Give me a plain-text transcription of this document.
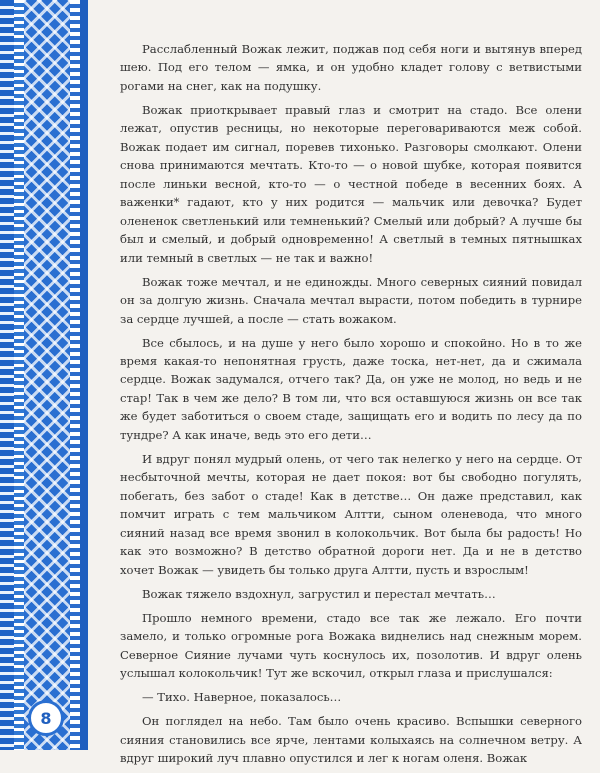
8

Расслабленный Вожак лежит, поджав под себя ноги и вытянув вперед шею. Под его телом — ямка, и он удобно кладет голову с ветвистыми рогами на снег, как на подушку.

Вожак приоткрывает правый глаз и смотрит на стадо. Все олени лежат, опустив ресницы, но некоторые переговариваются меж собой. Вожак подает им сигнал, поревев тихонько. Разговоры смолкают. Олени снова принимаются мечтать. Кто-то — о новой шубке, которая появится после линьки весной, кто-то — о честной победе в весенних боях. А важенки* гадают, кто у них родится — мальчик или девочка? Будет олененок светленький или темненький? Смелый или добрый? А лучше бы был и смелый, и добрый одновременно! А светлый в темных пятнышках или темный в светлых — не так и важно!

Вожак тоже мечтал, и не единожды. Много северных сияний повидал он за долгую жизнь. Сначала мечтал вырасти, потом победить в турнире за сердце лучшей, а после — стать вожаком.

Все сбылось, и на душе у него было хорошо и спокойно. Но в то же время какая-то непонятная грусть, даже тоска, нет-нет, да и сжимала сердце. Вожак задумался, отчего так? Да, он уже не молод, но ведь и не стар! Так в чем же дело? В том ли, что вся оставшуюся жизнь он все так же будет заботиться о своем стаде, защищать его и водить по лесу да по тундре? А как иначе, ведь это его дети…

И вдруг понял мудрый олень, от чего так нелегко у него на сердце. От несбыточной мечты, которая не дает покоя: вот бы свободно погулять, побегать, без забот о стаде! Как в детстве… Он даже представил, как помчит игрaть с тем мальчиком Алтти, сыном оленевода, что много сияний назад все время звонил в колокольчик. Вот была бы радость! Но как это возможно? В детство обратной дороги нет. Да и не в детство хочет Вожак — увидеть бы только друга Алтти, пусть и взрослым!

Вожак тяжело вздохнул, загрустил и перестал мечтать…

Прошло немного времени, стадо все так же лежало. Его почти замело, и только огромные рога Вожака виднелись над снежным морем. Северное Сияние лучами чуть коснулось их, позолотив. И вдруг олень услышал колокольчик! Тут же вскочил, открыл глаза и прислушался:

— Тихо. Наверное, показалось…

Он поглядел на небо. Там было очень красиво. Вспышки северного сияния становились все ярче, лентами колыхаясь на солнечном ветру. А вдруг широкий луч плавно опустился и лег к ногам оленя. Вожак
